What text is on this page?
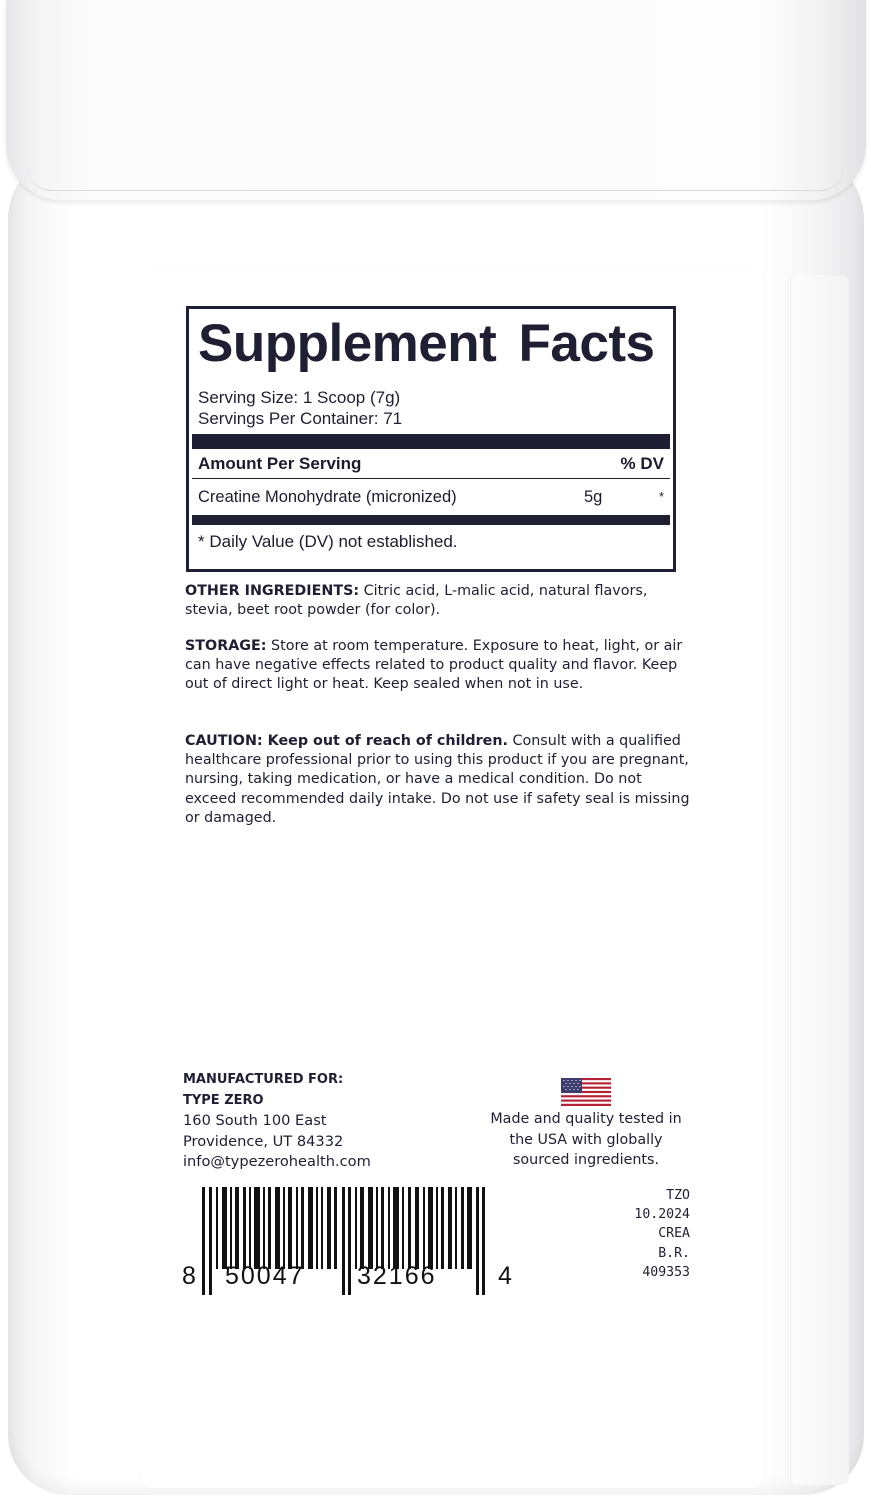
Supplement Facts
Serving Size: 1 Scoop (7g)
Servings Per Container: 71
Amount Per Serving	% DV
Creatine Monohydrate (micronized)	5g	*
* Daily Value (DV) not established.
OTHER INGREDIENTS: Citric acid, L-malic acid, natural flavors, stevia, beet root powder (for color).
STORAGE: Store at room temperature. Exposure to heat, light, or air can have negative effects related to product quality and flavor. Keep out of direct light or heat. Keep sealed when not in use.
CAUTION: Keep out of reach of children. Consult with a qualified healthcare professional prior to using this product if you are pregnant, nursing, taking medication, or have a medical condition. Do not exceed recommended daily intake. Do not use if safety seal is missing or damaged.
MANUFACTURED FOR:
TYPE ZERO
160 South 100 East
Providence, UT 84332
info@typezerohealth.com
Made and quality tested in
the USA with globally
sourced ingredients.
8 50047 32166 4
TZO
10.2024
CREA
B.R.
409353
